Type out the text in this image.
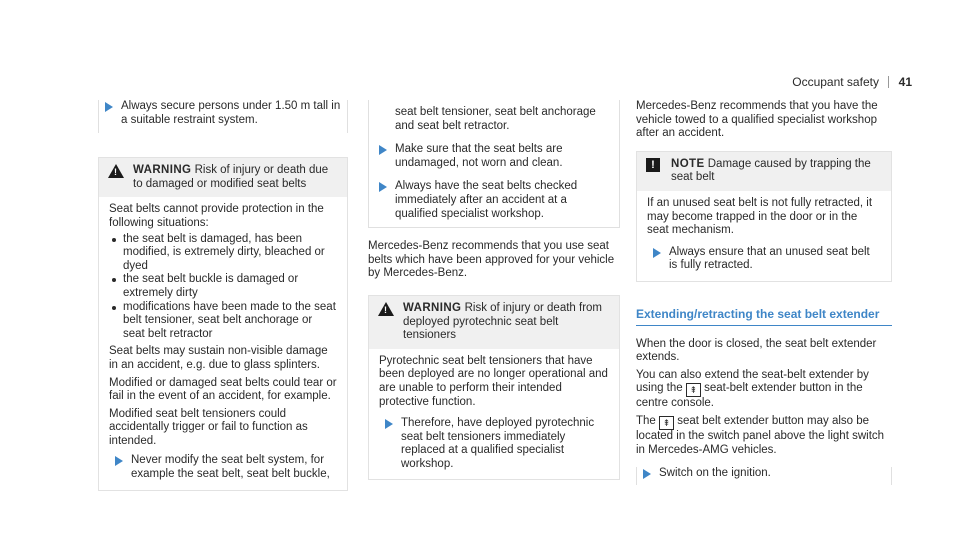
Occupant safety 41
Always secure persons under 1.50 m tall in a suitable restraint system.
! WARNING Risk of injury or death due to damaged or modified seat belts

Seat belts cannot provide protection in the following situations:

the seat belt is damaged, has been modified, is extremely dirty, bleached or dyed
the seat belt buckle is damaged or extremely dirty
modifications have been made to the seat belt tensioner, seat belt anchorage or seat belt retractor

Seat belts may sustain non-visible damage in an accident, e.g. due to glass splinters.

Modified or damaged seat belts could tear or fail in the event of an accident, for example.

Modified seat belt tensioners could accidentally trigger or fail to function as intended.

Never modify the seat belt system, for example the seat belt, seat belt buckle,

seat belt tensioner, seat belt anchorage and seat belt retractor.

Make sure that the seat belts are undamaged, not worn and clean.
Always have the seat belts checked immediately after an accident at a qualified specialist workshop.

Mercedes-Benz recommends that you use seat belts which have been approved for your vehicle by Mercedes-Benz.

! WARNING Risk of injury or death from deployed pyrotechnic seat belt tensioners

Pyrotechnic seat belt tensioners that have been deployed are no longer operational and are unable to perform their intended protective function.

Therefore, have deployed pyrotechnic seat belt tensioners immediately replaced at a qualified specialist workshop.

Mercedes-Benz recommends that you have the vehicle towed to a qualified specialist workshop after an accident.

!	NOTE Damage caused by trapping the seat belt

If an unused seat belt is not fully retracted, it may become trapped in the door or in the seat mechanism.

Always ensure that an unused seat belt is fully retracted.
Extending/retracting the seat belt extender

When the door is closed, the seat belt extender extends.

You can also extend the seat-belt extender by using the ⇞ seat-belt extender button in the centre console.

The ⇞ seat belt extender button may also be located in the switch panel above the light switch in Mercedes-AMG vehicles.

Switch on the ignition.
